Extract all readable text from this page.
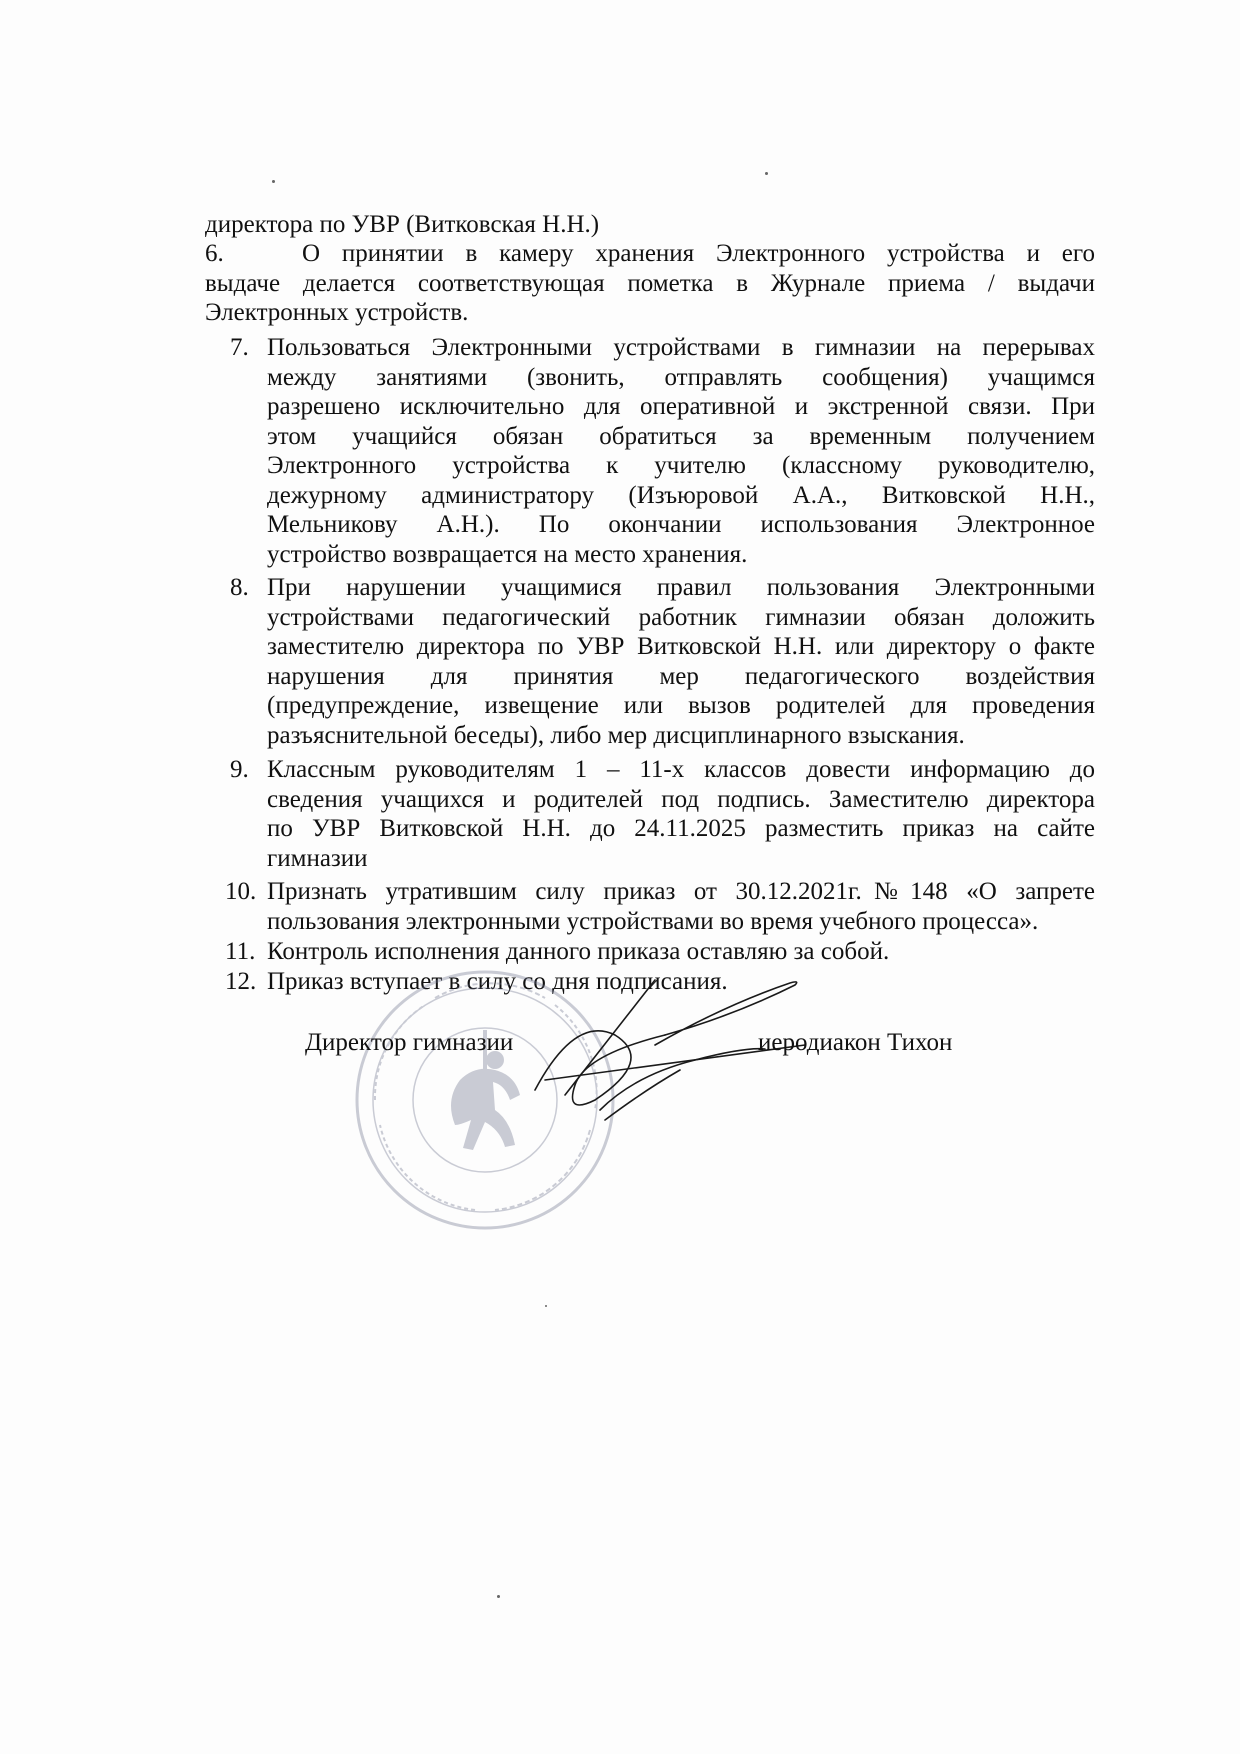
директора по УВР (Витковская Н.Н.)
6.	О принятии в камеру хранения Электронного устройства и его
выдаче делается соответствующая пометка в Журнале приема / выдачи
Электронных устройств.
7. Пользоваться Электронными устройствами в гимназии на перерывах
между занятиями (звонить, отправлять сообщения) учащимся
разрешено исключительно для оперативной и экстренной связи. При
этом учащийся обязан обратиться за временным получением
Электронного устройства к учителю (классному руководителю,
дежурному администратору (Изъюровой А.А., Витковской Н.Н.,
Мельникову А.Н.). По окончании использования Электронное
устройство возвращается на место хранения.
8. При нарушении учащимися правил пользования Электронными
устройствами педагогический работник гимназии обязан доложить
заместителю директора по УВР Витковской Н.Н. или директору о факте
нарушения для принятия мер педагогического воздействия
(предупреждение, извещение или вызов родителей для проведения
разъяснительной беседы), либо мер дисциплинарного взыскания.
9. Классным руководителям 1 – 11-х классов довести информацию до
сведения учащихся и родителей под подпись. Заместителю директора
по УВР Витковской Н.Н. до 24.11.2025 разместить приказ на сайте
гимназии
10. Признать утратившим силу приказ от 30.12.2021г.№148 «О запрете
пользования электронными устройствами во время учебного процесса».
11. Контроль исполнения данного приказа оставляю за собой.
12. Приказ вступает в силу со дня подписания.
Директор гимназии	иеродиакон Тихон
